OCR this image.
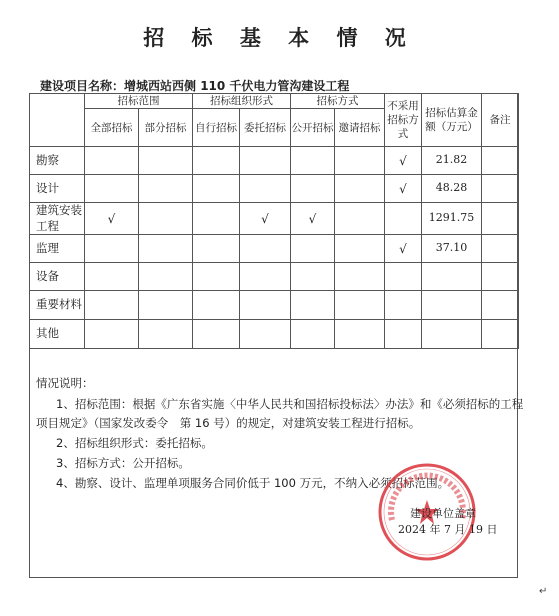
招 标 基 本 情 况
建设项目名称：增城西站西侧 110 千伏电力管沟建设工程
	招标范围		招标组织形式		招标方式		不采用招标方式	招标估算金额（万元）	备注
	全部招标	部分招标	自行招标	委托招标	公开招标	邀请招标			
勘察							√	21.82	
设计							√	48.28	
建筑安装工程	√			√	√			1291.75	
监理							√	37.10	
设备									
重要材料									
其他									
情况说明：
1、招标范围：根据《广东省实施〈中华人民共和国招标投标法〉办法》和《必须招标的工程
项目规定》（国家发改委令　第 16 号）的规定，对建筑安装工程进行招标。
2、招标组织形式：委托招标。
3、招标方式：公开招标。
4、勘察、设计、监理单项服务合同价低于 100 万元，不纳入必须招标范围。
建设单位盖章
2024 年 7 月 19 日
↵
